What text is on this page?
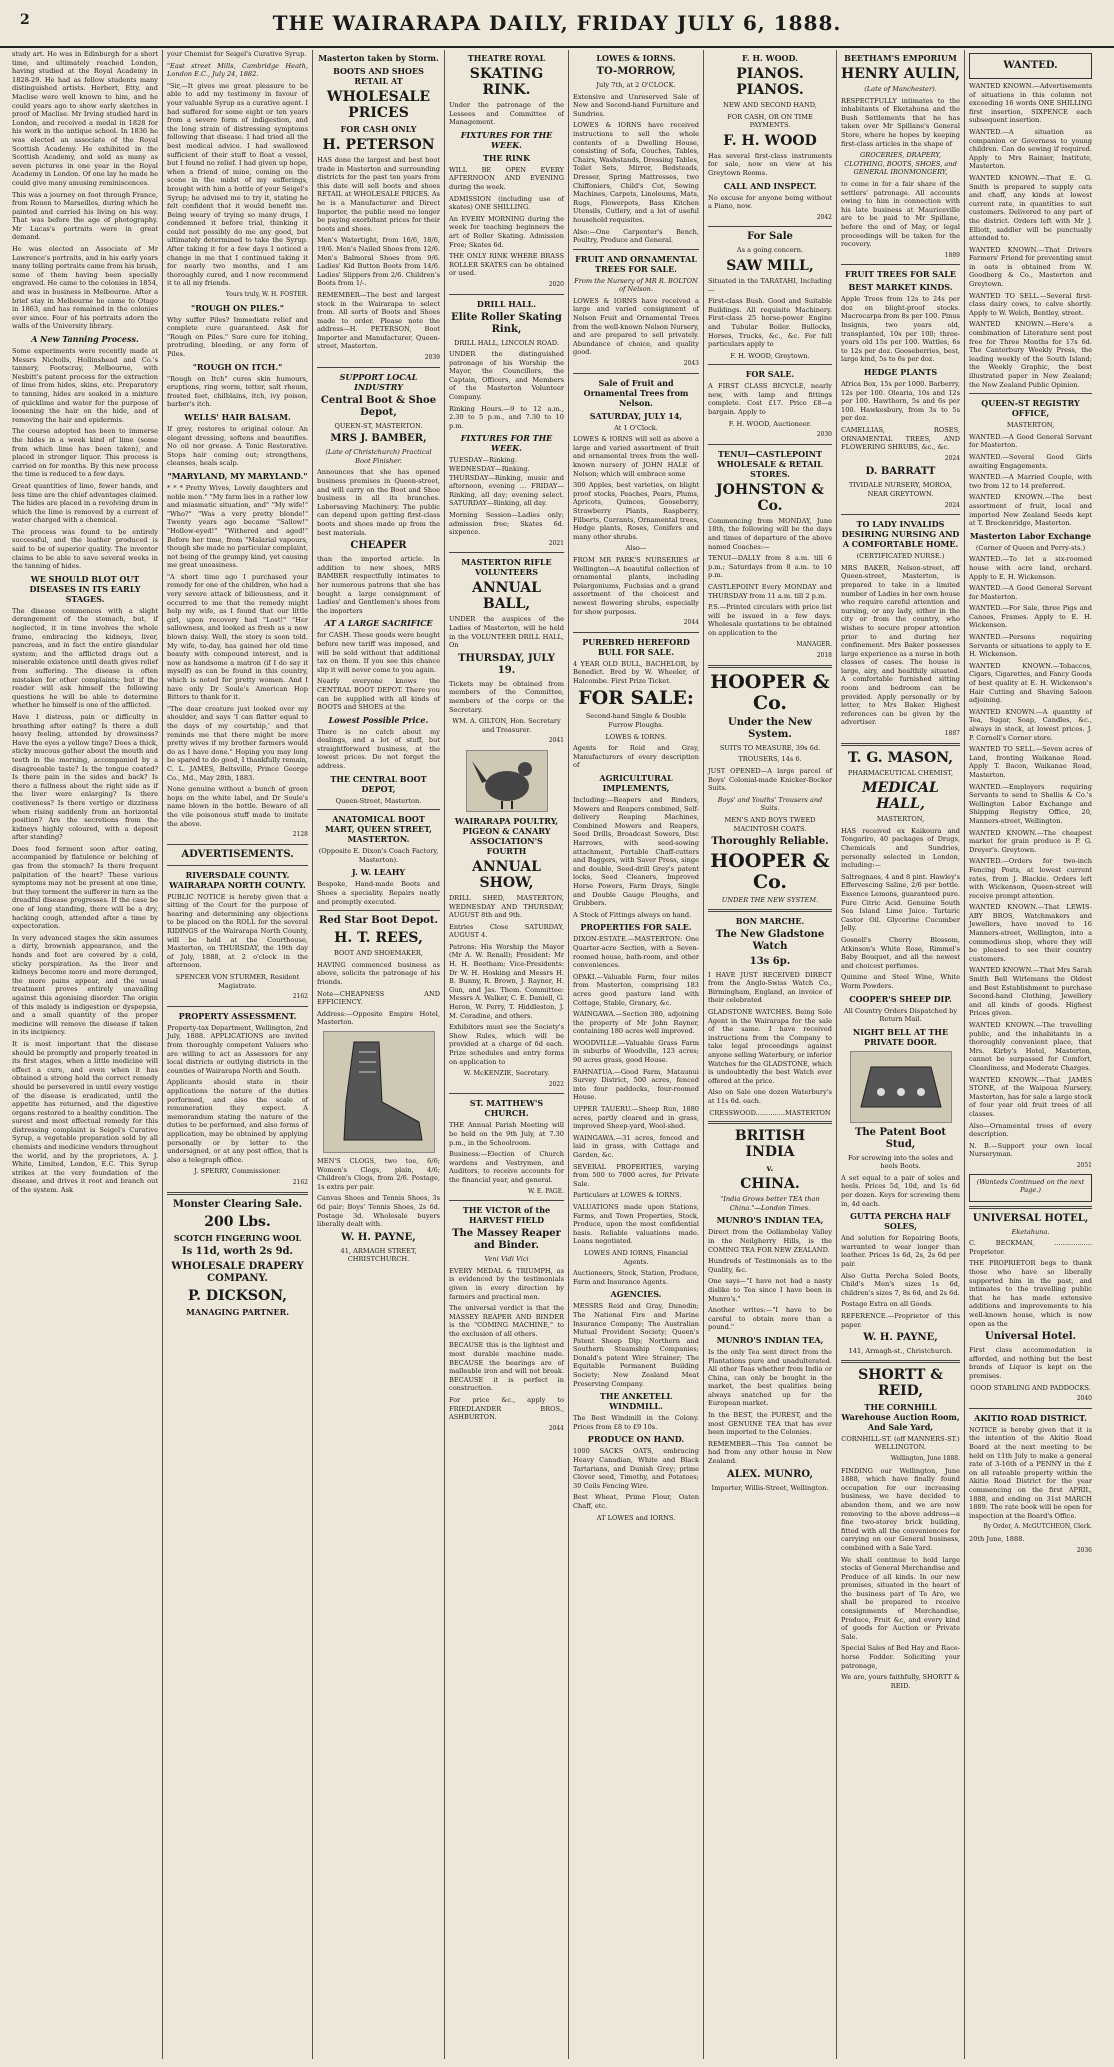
2	THE WAIRARAPA DAILY, FRIDAY JULY 6, 1888.

study art. He was in Edinburgh for a short time, and ultimately reached London, having studied at the Royal Academy in 1828-29. He had as fellow students many distinguished artists. Herbert, Etty, and Maclise were well known to him, and he could years ago to show early sketches in proof of Maclise. Mr Irving studied hard in London, and received a medal in 1828 for his work in the antique school. In 1836 he was elected an associate of the Royal Scottish Academy. He exhibited in the Scottish Academy, and sold as many as seven pictures in one year in the Royal Academy in London. Of one lay he made he could give many amusing reminiscences.

This was a journey on foot through France, from Rouen to Marseilles, during which he painted and carried his living on his way. That was before the age of photography. Mr Lucas's portraits were in great demand.

He was elected an Associate of Mr Lawrence's portraits, and in his early years many telling portraits came from his brush, some of them having been specially engraved. He came to the colonies in 1854, and was in business in Melbourne. After a brief stay in Melbourne he came to Otago in 1863, and has remained in the colonies ever since. Four of his portraits adorn the walls of the University library.

A New Tanning Process.

Some experiments were recently made at Messrs Nicholls, Hollinshead and Co.'s tannery, Footscray, Melbourne, with Nesbitt's patent process for the extraction of lime from hides, skins, etc. Preparatory to tanning, hides are soaked in a mixture of quicklime and water for the purpose of loosening the hair on the hide, and of removing the hair and epidermis.

The course adopted has been to immerse the hides in a week kind of lime (some from which lime has been taken), and placed in stronger liquor. This process is carried on for months. By this new process the time is reduced to a few days.

Great quantities of lime, fewer hands, and less time are the chief advantages claimed. The hides are placed in a revolving drum in which the lime is removed by a current of water charged with a chemical.

The process was found to be entirely successful, and the leather produced is said to be of superior quality. The inventor claims to be able to save several weeks in the tanning of hides.

WE SHOULD BLOT OUT DISEASES IN ITS EARLY STAGES.

The disease commences with a slight derangement of the stomach, but, if neglected, it in time involves the whole frame, embracing the kidneys, liver, pancreas, and in fact the entire glandular system; and the afflicted drags out a miserable existence until death gives relief from suffering. The disease is often mistaken for other complaints; but if the reader will ask himself the following questions he will be able to determine whether he himself is one of the afflicted.

Have I distress, pain or difficulty in breathing after eating? Is there a dull heavy feeling, attended by drowsiness? Have the eyes a yellow tinge? Does a thick, sticky mucous gather about the mouth and teeth in the morning, accompanied by a disagreeable taste? Is the tongue coated? Is there pain in the sides and back? Is there a fullness about the right side as if the liver were enlarging? Is there costiveness? Is there vertigo or dizziness when rising suddenly from an horizontal position? Are the secretions from the kidneys highly coloured, with a deposit after standing?

Does food ferment soon after eating, accompanied by flatulence or belching of gas from the stomach? Is there frequent palpitation of the heart? These various symptoms may not be present at one time, but they torment the sufferer in turn as the dreadful disease progresses. If the case be one of long standing, there will be a dry, hacking cough, attended after a time by expectoration.

In very advanced stages the skin assumes a dirty, brownish appearance, and the hands and feet are covered by a cold, sticky perspiration. As the liver and kidneys become more and more deranged, the more pains appear, and the usual treatment proves entirely unavailing against this agonising disorder. The origin of this malady is indigestion or dyspepsia, and a small quantity of the proper medicine will remove the disease if taken in its incipiency.

It is most important that the disease should be promptly and properly treated in its first stages, when a little medicine will effect a cure, and even when it has obtained a strong hold the correct remedy should be persevered in until every vestige of the disease is eradicated, until the appetite has returned, and the digestive organs restored to a healthy condition. The surest and most effectual remedy for this distressing complaint is Seigel's Curative Syrup, a vegetable preparation sold by all chemists and medicine vendors throughout the world, and by the proprietors, A. J. White, Limited, London, E.C. This Syrup strikes at the very foundation of the disease, and drives it root and branch out of the system. Ask

your Chemist for Seigel's Curative Syrup.

"East street Mills, Cambridge Heath, London E.C., July 24, 1882.

"Sir,—It gives me great pleasure to be able to add my testimony in favour of your valuable Syrup as a curative agent. I had suffered for some eight or ten years from a severe form of indigestion, and the long strain of distressing symptoms following that disease. I had tried all the best medical advice. I had swallowed sufficient of their stuff to float a vessel, but I found no relief. I had given up hope, when a friend of mine, coming on the scene in the midst of my sufferings, brought with him a bottle of your Seigel's Syrup; he advised me to try it, stating he felt confident that it would benefit me. Being weary of trying so many drugs, I condemned it before trial, thinking it could not possibly do me any good, but ultimately determined to take the Syrup. After taking it for a few days I noticed a change in me that I continued taking it for nearly two months, and I am thoroughly cured, and I now recommend it to all my friends.

Yours truly, W. H. FOSTER.

"ROUGH ON PILES."

Why suffer Piles? Immediate relief and complete cure guaranteed. Ask for "Rough on Piles." Sure cure for itching, protruding, bleeding, or any form of Piles.

"ROUGH ON ITCH."

"Rough on Itch" cures skin humours, eruptions, ring worm, tetter, salt rheum, frosted feet, chilblains, itch, ivy poison, barber's itch.

WELLS' HAIR BALSAM.

If grey, restores to original colour. An elegant dressing, softens and beautifies. No oil nor grease. A Tonic Restorative. Stops hair coming out; strengthens, cleanses, heals scalp.

"MARYLAND, MY MARYLAND."

* * * Pretty Wives, Lovely daughters and noble men." "My farm lies in a rather low and miasmatic situation, and" "My wife!" "Who?" "Was a very pretty blonde!" Twenty years ago became "Sallow!" "Hollow-eyed!" "Withered and aged!" Before her time, from "Malarial vapours, though she made no particular complaint, not being of the grumpy kind, yet causing me great uneasiness.

"A short time ago I purchased your remedy for one of the children, who had a very severe attack of biliousness, and it occurred to me that the remedy might help my wife, as I found that our little girl, upon recovery had "Lost!" "Her sallowness, and looked as fresh as a new blown daisy. Well, the story is soon told. My wife, to-day, has gained her old time beauty with compound interest, and is now as handsome a matron (if I do say it myself) as can be found in this country, which is noted for pretty women. And I have only Dr Soule's American Hop Bitters to thank for it.

"The dear creature just looked over my shoulder, and says 'I can flatter equal to the days of my courtship,' and that reminds me that there might be more pretty wives if my brother farmers would do as I have done." Hoping you may long be spared to do good, I thankfully remain, C. L. JAMES, Beltsville, Prince George Co., Md., May 28th, 1883.

None genuine without a bunch of green hops on the white label, and Dr Soule's name blown in the bottle. Beware of all the vile poisonous stuff made to imitate the above.

2128

ADVERTISEMENTS.
RIVERSDALE COUNTY. WAIRARAPA NORTH COUNTY.

PUBLIC NOTICE is hereby given that a sitting of the Court for the purpose of hearing and determining any objections to be placed on the ROLL for the several RIDINGS of the Wairarapa North County, will be held at the Courthouse, Masterton, on THURSDAY, the 19th day of July, 1888, at 2 o'clock in the afternoon.

SPENCER VON STURMER, Resident Magistrate.

2162

PROPERTY ASSESSMENT.

Property-tax Department, Wellington, 2nd July, 1888. APPLICATIONS are invited from thoroughly competent Valuers who are willing to act as Assessors for any local districts or outlying districts in the counties of Wairarapa North and South.

Applicants should state in their applications the nature of the duties performed, and also the scale of remuneration they expect. A memorandum stating the nature of the duties to be performed, and also forms of application, may be obtained by applying personally or by letter to the undersigned, or at any post office, that is also a telegraph office.

J. SPERRY, Commissioner.

2162

Monster Clearing Sale.
200 Lbs.
SCOTCH FINGERING WOOL
Is 11d, worth 2s 9d.
WHOLESALE DRAPERY COMPANY.
P. DICKSON,
MANAGING PARTNER.
Masterton taken by Storm.
BOOTS AND SHOES RETAIL AT
WHOLESALE PRICES
FOR CASH ONLY
H. PETERSON

HAS done the largest and best boot trade in Masterton and surrounding districts for the past ten years from this date will sell boots and shoes RETAIL at WHOLESALE PRICES. As he is a Manufacturer and Direct Importer, the public need no longer be paying exorbitant prices for their boots and shoes.

Men's Watertight, from 16/6, 18/6, 19/6. Men's Nailed Shoes from 12/6. Men's Balmoral Shoes from 9/6. Ladies' Kid Button Boots from 14/6. Ladies' Slippers from 2/6. Children's Boots from 1/-.

REMEMBER—The best and largest stock in the Wairarapa to select from. All sorts of Boots and Shoes made to order. Please note the address—H. PETERSON, Boot Importer and Manufacturer, Queen-street, Masterton.

2039

SUPPORT LOCAL INDUSTRY
Central Boot & Shoe Depot,

QUEEN-ST, MASTERTON.

MRS J. BAMBER,

(Late of Christchurch) Practical Boot Finisher.

Announces that she has opened business premises in Queen-street, and will carry on the Boot and Shoe business in all its branches. Laborsaving Machinery. The public can depend upon getting first-class boots and shoes made up from the best materials.

CHEAPER

than the imported article. In addition to new shoes, MRS BAMBER respectfully intimates to her numerous patrons that she has bought a large consignment of Ladies' and Gentlemen's shoes from the importers

AT A LARGE SACRIFICE

for CASH. These goods were bought before new tariff was imposed, and will be sold without that additional tax on them. If you see this chance slip it will never come to you again.

Nearly everyone knows the CENTRAL BOOT DEPOT. There you can be supplied with all kinds of BOOTS and SHOES at the

Lowest Possible Price.

There is no catch about my dealings, and a lot of stuff, but straightforward business, at the lowest prices. Do not forget the address.

THE CENTRAL BOOT DEPOT,

Queen-Street, Masterton.

ANATOMICAL BOOT MART, QUEEN STREET, MASTERTON.

(Opposite E. Dixon's Coach Factory, Masterton).

J. W. LEAHY

Bespoke, Hand-made Boots and Shoes a speciality. Repairs neatly and promptly executed.

Red Star Boot Depot.
H. T. REES,

BOOT AND SHOEMAKER,

HAVING commenced business as above, solicits the patronage of his friends.

Note—CHEAPNESS AND EFFICIENCY.

Address:—Opposite Empire Hotel, Masterton.

MEN'S CLOGS, two toe, 6/6; Women's Clogs, plain, 4/6; Children's Clogs, from 2/6. Postage, 1s extra per pair.

Canvas Shoes and Tennis Shoes, 3s 6d pair; Boys' Tennis Shoes, 2s 6d. Postage 3d. Wholesale buyers liberally dealt with.

W. H. PAYNE,

41, ARMAGH STREET, CHRISTCHURCH.

THEATRE ROYAL
SKATING RINK.

Under the patronage of the Lessees and Committee of Management.

FIXTURES FOR THE WEEK.
THE RINK

WILL BE OPEN EVERY AFTERNOON AND EVENING during the week.

ADMISSION (including use of skates) ONE SHILLING.

An EVERY MORNING during the week for teaching beginners the art of Roller Skating. Admission Free; Skates 6d.

THE ONLY RINK WHERE BRASS ROLLER SKATES can be obtained or used.

2020

DRILL HALL.
Elite Roller Skating Rink,

DRILL HALL, LINCOLN ROAD.

UNDER the distinguished patronage of his Worship the Mayor, the Councillors, the Captain, Officers, and Members of the Masterton Volunteer Company.

Rinking Hours.—9 to 12 a.m., 2.30 to 5 p.m., and 7.30 to 10 p.m.

FIXTURES FOR THE WEEK.

TUESDAY—Rinking. WEDNESDAY—Rinking. THURSDAY—Rinking, music and afternoon, evening ... FRIDAY—Rinking, all day; evening select. SATURDAY—Rinking, all day.

Morning Session—Ladies only; admission free; Skates 6d. sixpence.

2021

MASTERTON RIFLE VOLUNTEERS
ANNUAL BALL,

UNDER the auspices of the Ladies of Masterton, will be held in the VOLUNTEER DRILL HALL, On

THURSDAY, JULY 19.

Tickets may be obtained from members of the Committee, members of the corps or the Secretary.

WM. A. GILTON, Hon. Secretary and Treasurer.

2041

WAIRARAPA POULTRY, PIGEON & CANARY ASSOCIATION'S FOURTH
ANNUAL SHOW,

DRILL SHED, MASTERTON, WEDNESDAY AND THURSDAY, AUGUST 8th and 9th.

Entries Close SATURDAY, AUGUST 4.

Patrons: His Worship the Mayor (Mr A. W. Renall); President: Mr H. H. Beetham; Vice-Presidents: Dr W. H. Hosking and Messrs H. B. Bunny, R. Brown, J. Rayner, H. Gun, and Jas. Thom. Committee: Messrs A. Walker, C. E. Daniell, G. Heron, W. Perry, T. Hiddleston, J. M. Coradine, and others.

Exhibitors must see the Society's Show Rules, which will be provided at a charge of 6d each. Prize schedules and entry forms on application to

W. McKENZIE, Secretary.

2022

ST. MATTHEW'S CHURCH.

THE Annual Parish Meeting will be held on the 9th July, at 7.30 p.m., in the Schoolroom.

Business:—Election of Church wardens and Vestrymen, and Auditors, to receive accounts for the financial year, and general.

W. E. PAGE.

THE VICTOR of the HARVEST FIELD
The Massey Reaper and Binder.

Veni Vidi Vici

EVERY MEDAL & TRIUMPH, as is evidenced by the testimonials given in every direction by farmers and practical men.

The universal verdict is that the MASSEY REAPER AND BINDER is the "COMING MACHINE," to the exclusion of all others.

BECAUSE this is the lightest and most durable machine made. BECAUSE the bearings are of malleable iron and will not break. BECAUSE it is perfect in construction.

For price &c., apply to FRIEDLANDER BROS., ASHBURTON.

2044

LOWES & IORNS.
TO-MORROW,

July 7th, at 2 O'CLOCK.

Extensive and Unreserved Sale of New and Second-hand Furniture and Sundries.

LOWES & IORNS have received instructions to sell the whole contents of a Dwelling House, consisting of Sofa, Couches, Tables, Chairs, Washstands, Dressing Tables, Toilet Sets, Mirror, Bedsteads, Dresser, Spring Mattresses, two Chiffoniers, Child's Cot, Sewing Machines, Carpets, Linoleums, Mats, Rugs, Flowerpots, Bass Kitchen Utensils, Cutlery, and a lot of useful household requisites.

Also:—One Carpenter's Bench, Poultry, Produce and General.

FRUIT AND ORNAMENTAL TREES FOR SALE.

From the Nursery of MR R. BOLTON of Nelson.

LOWES & IORNS have received a large and varied consignment of Nelson Fruit and Ornamental Trees from the well-known Nelson Nursery, and are prepared to sell privately. Abundance of choice, and quality good.

2043

Sale of Fruit and Ornamental Trees from Nelson.
SATURDAY, JULY 14,

At 1 O'Clock.

LOWES & IORNS will sell as above a large and varied assortment of fruit and ornamental trees from the well-known nursery of JOHN HALE of Nelson; which will embrace some

300 Apples, best varieties, on blight proof stocks, Peaches, Pears, Plums, Apricots, Quinces, Gooseberry, Strawberry Plants, Raspberry, Filberts, Currants, Ornamental trees, Hedge plants, Roses, Conifers and many other shrubs.

Also—

FROM MR PARK'S NURSERIES of Wellington—A beautiful collection of ornamental plants, including Pelargoniums, Fuchsias and a grand assortment of the choicest and newest flowering shrubs, especially for show purposes.

2044

PUREBRED HEREFORD BULL FOR SALE.

4 YEAR OLD BULL, BACHELOR, by Benedict. Bred by W. Wheeler, of Halcombe. First Prize Ticket.

FOR SALE:

Second-hand Single & Double Furrow Ploughs.

LOWES & IORNS.

Agents for Reid and Gray, Manufacturers of every description of

AGRICULTURAL IMPLEMENTS,

Including:—Reapers and Binders, Mowers and Reapers combined, Self-delivery Reaping Machines, Combined Mowers and Reapers, Seed Drills, Broadcast Sowers, Disc Harrows, with seed-sowing attachment, Portable Chaff-cutters and Baggers, with Saver Press, singe and double, Seed-drill Grey's patent locks, Seed Cleaners, Improved Horse Powers, Farm Drays, Single and Double Gauge Ploughs, and Grubbers.

A Stock of Fittings always on hand.

PROPERTIES FOR SALE.

DIXON-ESTATE.—MASTERTON: One Quarter-acre Section, with a Seven-roomed house, bath-room, and other conveniences.

OPAKI.—Valuable Farm, four miles from Masterton, comprising 183 acres good pasture land with Cottage, Stable, Granary, &c.

WAINGAWA.—Section 380, adjoining the property of Mr John Rayner, containing 180 acres well improved.

WOODVILLE.—Valuable Grass Farm in suburbs of Woodville, 123 acres; 90 acres grass, good House.

FAHNATUA.—Good Farm, Mataunui Survey District, 500 acres, fenced into four paddocks, four-roomed House.

UPPER TAUERU.—Sheep Run, 1880 acres, partly cleared and in grass, improved Sheep-yard, Wool-shed.

WAINGAWA.—31 acres, fenced and laid in grass, with Cottage and Garden, &c.

SEVERAL PROPERTIES, varying from 500 to 7000 acres, for Private Sale.

Particulars at LOWES & IORNS.

VALUATIONS made upon Stations, Farms, and Town Properties, Stock, Produce, upon the most confidential basis. Reliable valuations made. Loans negotiated.

LOWES AND IORNS, Financial Agents.

Auctioneers, Stock, Station, Produce, Farm and Insurance Agents.

AGENCIES.

MESSRS Reid and Gray, Dunedin; The National Fire and Marine Insurance Company; The Australian Mutual Provident Society; Queen's Patent Sheep Dip; Northern and Southern Steamship Companies; Donald's patent Wire Strainer; The Equitable Permanent Building Society; New Zealand Meat Preserving Company.

THE ANKETELL WINDMILL.

The Best Windmill in the Colony. Prices from £8 to £9 10s.

PRODUCE ON HAND.

1000 SACKS OATS, embracing Heavy Canadian, White and Black Tartarians, and Dunish Grey; prime Clover seed, Timothy, and Potatoes; 30 Coils Fencing Wire.

Best Wheat, Prime Flour, Oaten Chaff, etc.

AT LOWES and IORNS.

F. H. WOOD.
PIANOS. PIANOS.

NEW AND SECOND HAND,

FOR CASH, OR ON TIME PAYMENTS.

F. H. WOOD

Has several first-class instruments for sale, now on view at his Greytown Rooms.

CALL AND INSPECT.

No excuse for anyone being without a Piano, now.

2042

For Sale

As a going concern.

SAW MILL,

Situated in the TARATAHI, Including—

First-class Bush. Good and Suitable Buildings. All requisite Machinery. First-class 25 horse-power Engine and Tubular Boiler. Bullocks, Horses, Trucks, &c., &c. For full particulars apply to

F. H. WOOD, Greytown.

FOR SALE.

A FIRST CLASS BICYCLE, nearly new, with lamp and fittings complete. Cost £17. Price £8—a bargain. Apply to

F. H. WOOD, Auctioneer.

2030

TENUI—CASTLEPOINT WHOLESALE & RETAIL STORES.
JOHNSTON & Co.

Commencing from MONDAY, June 18th, the following will be the days and times of departure of the above named Coaches:—

TENUI—DALLY from 8 a.m. till 6 p.m.; Saturdays from 8 a.m. to 10 p.m.

CASTLEPOINT Every MONDAY and THURSDAY from 11 a.m. till 2 p.m.

P.S.—Printed circulars with price list will be issued in a few days. Wholesale quotations to be obtained on application to the

MANAGER.

2018

HOOPER & Co.
Under the New System.

SUITS TO MEASURE, 39s 6d.

TROUSERS, 14s 6.

JUST OPENED—A large parcel of Boys' Colonial-made Knicker-Bocker Suits.

Boys' and Youths' Trousers and Suits.

MEN'S AND BOYS TWEED MACINTOSH COATS.

Thoroughly Reliable.
HOOPER & Co.

UNDER THE NEW SYSTEM.

BON MARCHE.
The New Gladstone Watch
13s 6p.

I HAVE JUST RECEIVED DIRECT from the Anglo-Swiss Watch Co., Birmingham, England, an invoice of their celebrated

GLADSTONE WATCHES. Being Sole Agent in the Wairarapa for the sale of the same. I have received instructions from the Company to take legal proceedings against anyone selling Waterbury, or inferior Watches for the GLADSTONE, which is undoubtedly the best Watch ever offered at the price.

Also on Sale one dozen Waterbury's at 11s 6d. each.

CRESSWOOD..............MASTERTON

BRITISH INDIA
v.
CHINA.

"India Grows better TEA than China."—London Times.

MUNRO'S INDIAN TEA,

Direct from the Oollambolay Valley in the Neilgherry Hills, is the COMING TEA FOR NEW ZEALAND.

Hundreds of Testimonials as to the Quality, &c.

One says—"I have not had a nasty dislike to Tea since I have been in Munro's."

Another writes:—"I have to be careful to obtain more than a pound."

MUNRO'S INDIAN TEA,

Is the only Tea sent direct from the Plantations pure and unadulterated. All other Teas whether from India or China, can only be bought in the market, the best qualities being always snatched up for the European market.

In the BEST, the PUREST, and the most GENUINE TEA that has ever been imported to the Colonies.

REMEMBER—This Tea cannot be had from any other house in New Zealand.

ALEX. MUNRO,

Importer, Willis-Street, Wellington.

BEETHAM'S EMPORIUM
HENRY AULIN,

(Late of Manchester).

RESPECTFULLY intimates to the inhabitants of Eketahuna and the Bush Settlements that he has taken over Mr Spillane's General Store, where he hopes by keeping first-class articles in the shape of

GROCERIES, DRAPERY, CLOTHING, BOOTS, SHOES, and GENERAL IRONMONGERY,

to come in for a fair share of the settlers' patronage. All accounts owing to him in connection with his late business at Mauriceville are to be paid to Mr Spillane, before the end of May, or legal proceedings will be taken for the recovery.

1889

FRUIT TREES FOR SALE
BEST MARKET KINDS.

Apple Trees from 12s to 24s per doz on blight-proof stocks. Macrocarpa from 8s per 100. Pinus Insignis, two years old, transplanted, 10s per 100; three-years old 15s per 100. Wattles, 6s to 12s per doz. Gooseberries, best, large kind, 5s to 6s per doz.

HEDGE PLANTS

Africa Box, 15s per 1000. Barberry, 12s per 100. Olearia, 10s and 12s per 100. Hawthorn, 5s and 6s per 100. Hawkesbury, from 3s to 5s per doz.

CAMELLIAS, ROSES, ORNAMENTAL TREES, AND FLOWERING SHRUBS, &c., &c.

2024

D. BARRATT

TIVIDALE NURSERY, MOROA, NEAR GREYTOWN.

2024

TO LADY INVALIDS DESIRING NURSING AND A COMFORTABLE HOME.

(CERTIFICATED NURSE.)

MRS BAKER, Nelson-street, off Queen-street, Masterton, is prepared to take in a limited number of Ladies in her own house who require careful attention and nursing, or any lady, either in the city or from the country, who wishes to secure proper attention prior to and during her confinement. Mrs Baker possesses large experience as a nurse in both classes of cases. The house is large, airy, and healthily situated. A comfortable furnished sitting room and bedroom can be provided. Apply personally or by letter, to Mrs Baker. Highest references can be given by the advertiser.

1887

T. G. MASON,

PHARMACEUTICAL CHEMIST,

MEDICAL HALL,

MASTERTON,

HAS received ex Kaikoura and Tongariro, 40 packages of Drugs, Chemicals and Sundries, personally selected in London, including:—

Saltregnaes, 4 and 8 pint. Hawley's Effervescing Saline, 2/6 per bottle. Essence Lemons, guaranteed pure. Pure Citric Acid. Genuine South Sea Island Lime Juice. Tartaric Castor Oil. Glycerine Cucumber Jelly.

Gosnell's Cherry Blossom, Atkinson's White Rose, Rimmel's Baby Bouquet, and all the newest and choicest perfumes.

Quinine and Steel Wine, White Worm Powders.

COOPER'S SHEEP DIP.

All Country Orders Dispatched by Return Mail.

NIGHT BELL AT THE PRIVATE DOOR.
The Patent Boot Stud,

For screwing into the soles and heels Boots.

A set equal to a pair of soles and heels. Prices 5d, 10d, and 1s 6d per dozen. Keys for screwing them in, 4d each.

GUTTA PERCHA HALF SOLES,

And solution for Repairing Boots, warranted to wear longer than leather. Prices 1s 6d, 2s, 2s 6d per pair.

Also Gutta Percha Soled Boots, Child's Men's sizes 1s 6d, children's sizes 7, 8s 6d, and 2s 6d.

Postage Extra on all Goods.

REFERENCE.—Proprietor of this paper.

W. H. PAYNE,

141, Armagh-st., Christchurch.

SHORTT & REID,
THE CORNHILL Warehouse Auction Room, And Sale Yard,

CORNHILL-ST. (off MANNERS-ST.) WELLINGTON.

Wellington, June 1888.

FINDING our Wellington, June 1888, which have finally found occupation for our increasing business, we have decided to abandon them, and we are now removing to the above address—a fine two-storey brick building, fitted with all the conveniences for carrying on our General business, combined with a Sale Yard.

We shall continue to hold large stocks of General Merchandise and Produce of all kinds. In our new premises, situated in the heart of the business part of Te Aro, we shall be prepared to receive consignments of Merchandise, Produce, Fruit &c, and every kind of goods for Auction or Private Sale.

Special Sales of Bed Hay and Race-horse Fodder. Soliciting your patronage,

We are, yours faithfully, SHORTT & REID.

WANTED.

WANTED KNOWN.—Advertisements of situations in this column not exceeding 16 words ONE SHILLING first insertion, SIXPENCE each subsequent insertion.

WANTED.—A situation as companion or Governess to young children. Can do sewing if required. Apply to Mrs Rainier, Institute, Masterton.

WANTED KNOWN.—That E. G. Smith is prepared to supply cats and chaff, any kinds at lowest current rate, in quantities to suit customers. Delivered to any part of the district. Orders left with Mr J. Elliott, saddler will be punctually attended to.

WANTED KNOWN.—That Drivers Farmers' Friend for preventing smut in oats is obtained from W. Goodberg & Co., Masterton and Greytown.

WANTED TO SELL.—Several first-class dairy cows, to calve shortly. Apply to W. Welch, Bentley, street.

WANTED KNOWN.—Here's a combination of Literature sent post free for Three Months for 17s 6d. The Canterbury Weekly Press, the leading weekly of the South Island; the Weekly Graphic, the best illustrated paper in New Zealand; the New Zealand Public Opinion.

QUEEN-ST REGISTRY OFFICE,

MASTERTON,

WANTED.—A Good General Servant for Masterton.

WANTED.—Several Good Girls awaiting Engagements.

WANTED.—A Married Couple, with two from 12 to 14 preferred.

WANTED KNOWN.—The best assortment of fruit, local and imported New Zealand Seeds kept at T. Breckenridge, Masterton.

Masterton Labor Exchange

(Corner of Queen and Perry-sts.)

WANTED.—To let a six-roomed house with acre land, orchard. Apply to E. H. Wickenson.

WANTED.—A Good General Servant for Masterton.

WANTED.—For Sale, three Pigs and Canoes, Frames. Apply to E. H. Wickenson.

WANTED.—Persons requiring Servants or situations to apply to E. H. Wickenson.

WANTED KNOWN.—Tobaccos, Cigars, Cigarettes, and Fancy Goods of best quality at E. H. Wickenson's Hair Cutting and Shaving Saloon adjoining.

WANTED KNOWN.—A quantity of Tea, Sugar, Soap, Candles, &c., always in stock, at lowest prices. J. P. Cornell's Corner store.

WANTED TO SELL.—Seven acres of Land, fronting Waikanae Road. Apply T. Bacon, Waikanae Road, Masterton.

WANTED.—Employers requiring Servants to send to Shellis & Co.'s Wellington Labor Exchange and Shipping Registry Office, 20, Manners-street, Wellington.

WANTED KNOWN.—The cheapest market for grain produce is P. G. Dreyer's. Greytown.

WANTED.—Orders for two-inch Fencing Posts, at lowest current rates, from J. Blackie. Orders left with Wickenson, Queen-street will receive prompt attention.

WANTED KNOWN.—That LEWIS-ABY BROS, Watchmakers and Jewellers, have moved to 16 Manners-street, Wellington, into a commodious shop, where they will be pleased to see their country customers.

WANTED KNOWN.—That Mrs Sarah Smith Bell Wirlemans the Oldest and Best Establishment to purchase Second-hand Clothing, Jewellery and all kinds of goods. Highest Prices given.

WANTED KNOWN.—The travelling public, and the inhabitants in a thoroughly convenient place, that Mrs. Kirby's Hotel, Masterton, cannot be surpassed for Comfort, Cleanliness, and Moderate Charges.

WANTED KNOWN.—That JAMES STONE, of the Waipoua Nursery, Masterton, has for sale a large stock of four year old fruit trees of all classes.

Also—Ornamental trees of every description.

N. B.—Support your own local Nurseryman.

2051

(Wanteds Continued on the next Page.)

UNIVERSAL HOTEL,

Eketahuna.

C. BECKMAN, .................. Proprietor.

THE PROPRIETOR begs to thank those who have so liberally supported him in the past, and intimates to the travelling public that he has made extensive additions and improvements to his well-known house, which is now open as the

Universal Hotel.

First class accommodation is afforded, and nothing but the best brands of Liquor is kept on the premises.

GOOD STABLING AND PADDOCKS.

2040

AKITIO ROAD DISTRICT.

NOTICE is hereby given that it is the intention of the Akitio Road Board at the next meeting to be held on 11th July to make a general rate of 3-16th of a PENNY in the £ on all rateable property within the Akitio Road District for the year commencing on the first APRIL, 1888, and ending on 31st MARCH 1889. The rate book will be open for inspection at the Board's Office.

By Order, A. McGUTCHEON, Clerk.

20th June, 1888.

2036
